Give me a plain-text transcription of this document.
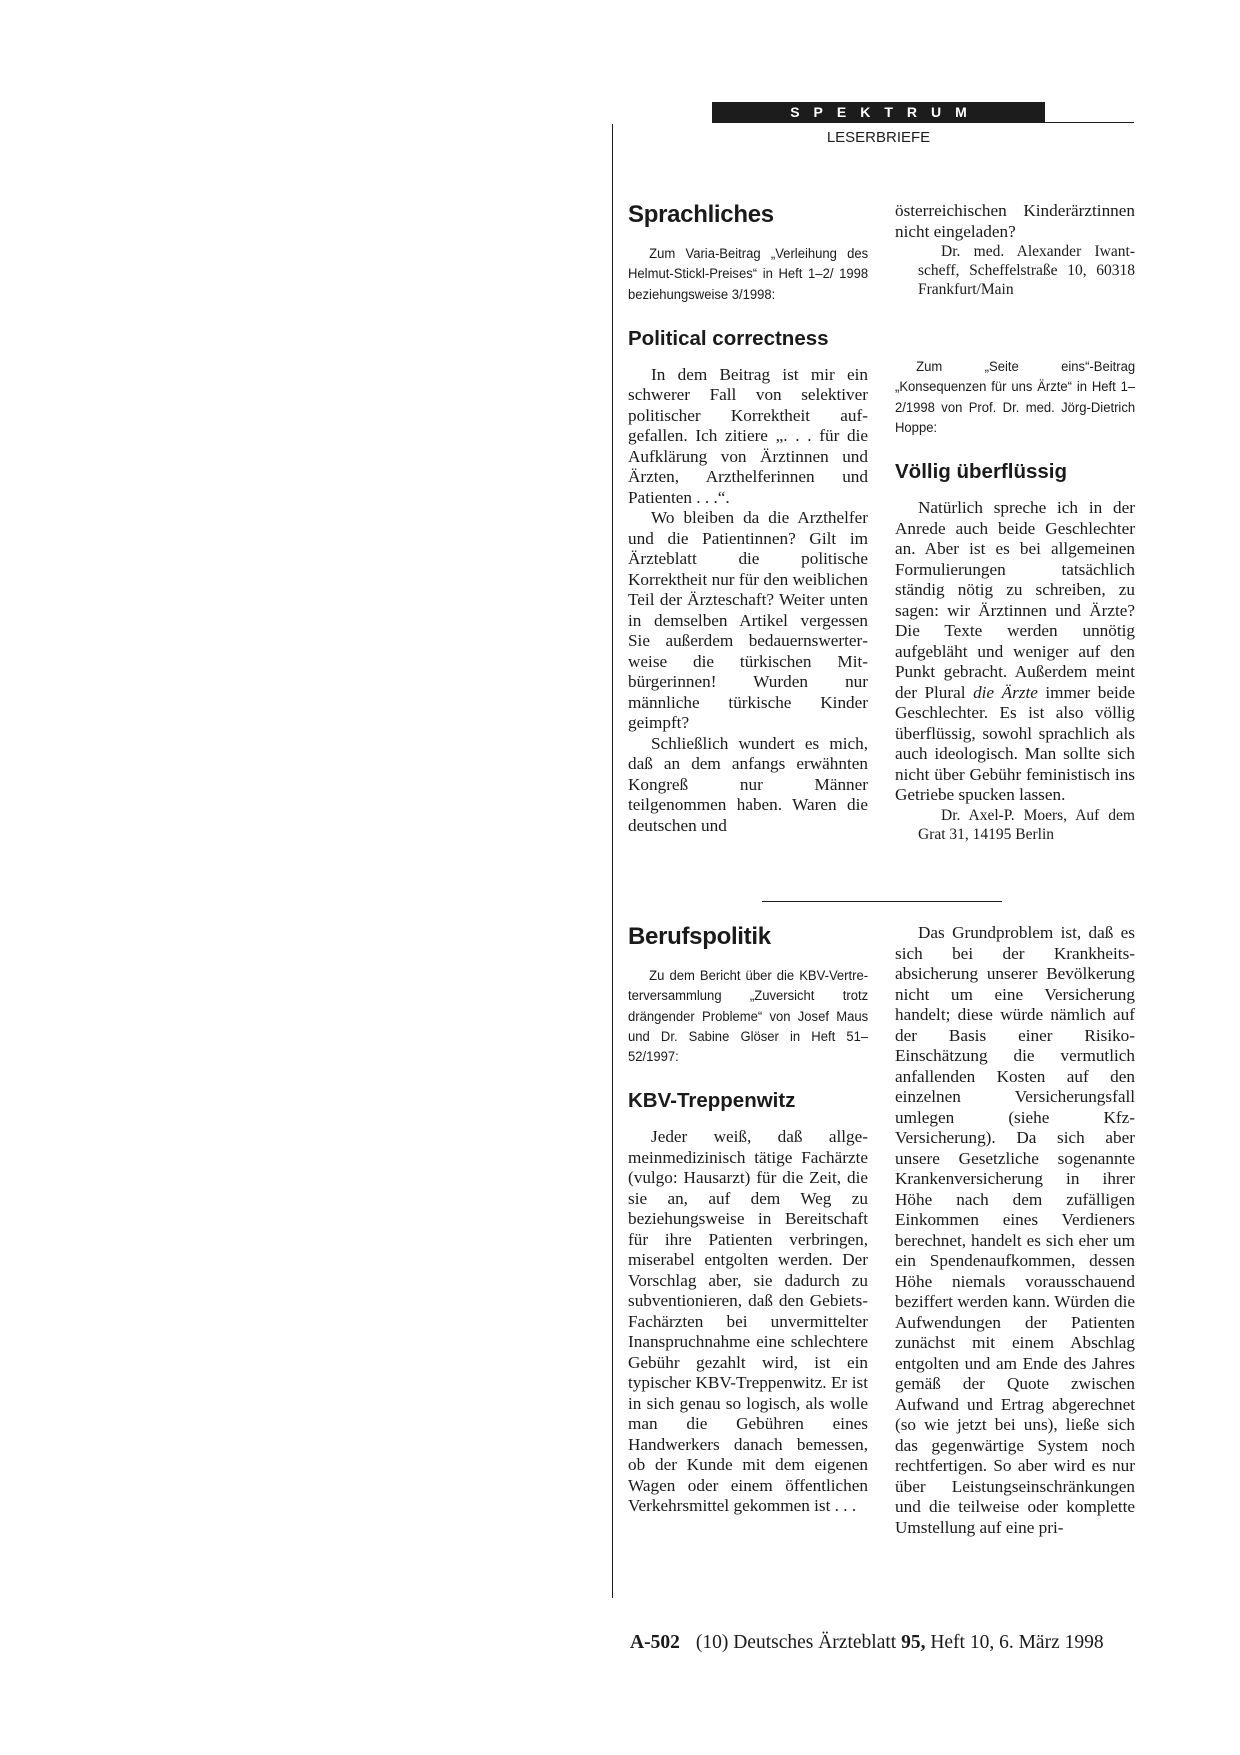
SPEKTRUM
LESERBRIEFE
Sprachliches

Zum Varia-Beitrag „Verleihung des Helmut-Stickl-Preises“ in Heft 1–2/ 1998 beziehungsweise 3/1998:

Political correctness

In dem Beitrag ist mir ein schwerer Fall von selektiver politischer Korrektheit aufgefallen. Ich zitiere „. . . für die Aufklärung von Ärztinnen und Ärzten, Arzthelferinnen und Patienten . . .“.

Wo bleiben da die Arzthelfer und die Patientinnen? Gilt im Ärzteblatt die politische Korrektheit nur für den weiblichen Teil der Ärzteschaft? Weiter unten in demselben Artikel vergessen Sie außerdem bedauernswerterweise die türkischen Mitbürgerinnen! Wurden nur männliche türkische Kinder geimpft?

Schließlich wundert es mich, daß an dem anfangs erwähnten Kongreß nur Männer teilgenommen haben. Waren die deutschen und

österreichischen Kinderärztinnen nicht eingeladen?

Dr. med. Alexander Iwantscheff, Scheffelstraße 10, 60318 Frankfurt/Main

Zum „Seite eins“-Beitrag „Konsequenzen für uns Ärzte“ in Heft 1–2/1998 von Prof. Dr. med. Jörg-Dietrich Hoppe:

Völlig überflüssig

Natürlich spreche ich in der Anrede auch beide Geschlechter an. Aber ist es bei allgemeinen Formulierungen tatsächlich ständig nötig zu schreiben, zu sagen: wir Ärztinnen und Ärzte? Die Texte werden unnötig aufgebläht und weniger auf den Punkt gebracht. Außerdem meint der Plural die Ärzte immer beide Geschlechter. Es ist also völlig überflüssig, sowohl sprachlich als auch ideologisch. Man sollte sich nicht über Gebühr feministisch ins Getriebe spucken lassen.

Dr. Axel-P. Moers, Auf dem Grat 31, 14195 Berlin

Berufspolitik

Zu dem Bericht über die KBV-Vertreterversammlung „Zuversicht trotz drängender Probleme“ von Josef Maus und Dr. Sabine Glöser in Heft 51–52/1997:

KBV-Treppenwitz

Jeder weiß, daß allgemeinmedizinisch tätige Fachärzte (vulgo: Hausarzt) für die Zeit, die sie an, auf dem Weg zu beziehungsweise in Bereitschaft für ihre Patienten verbringen, miserabel entgolten werden. Der Vorschlag aber, sie dadurch zu subventionieren, daß den Gebiets-Fachärzten bei unvermittelter Inanspruchnahme eine schlechtere Gebühr gezahlt wird, ist ein typischer KBV-Treppenwitz. Er ist in sich genau so logisch, als wolle man die Gebühren eines Handwerkers danach bemessen, ob der Kunde mit dem eigenen Wagen oder einem öffentlichen Verkehrsmittel gekommen ist . . .

Das Grundproblem ist, daß es sich bei der Krankheitsabsicherung unserer Bevölkerung nicht um eine Versicherung handelt; diese würde nämlich auf der Basis einer Risiko-Einschätzung die vermutlich anfallenden Kosten auf den einzelnen Versicherungsfall umlegen (siehe Kfz-Versicherung). Da sich aber unsere Gesetzliche sogenannte Krankenversicherung in ihrer Höhe nach dem zufälligen Einkommen eines Verdieners berechnet, handelt es sich eher um ein Spendenaufkommen, dessen Höhe niemals vorausschauend beziffert werden kann. Würden die Aufwendungen der Patienten zunächst mit einem Abschlag entgolten und am Ende des Jahres gemäß der Quote zwischen Aufwand und Ertrag abgerechnet (so wie jetzt bei uns), ließe sich das gegenwärtige System noch rechtfertigen. So aber wird es nur über Leistungseinschränkungen und die teilweise oder komplette Umstellung auf eine pri-

A-502 (10) Deutsches Ärzteblatt 95, Heft 10, 6. März 1998
